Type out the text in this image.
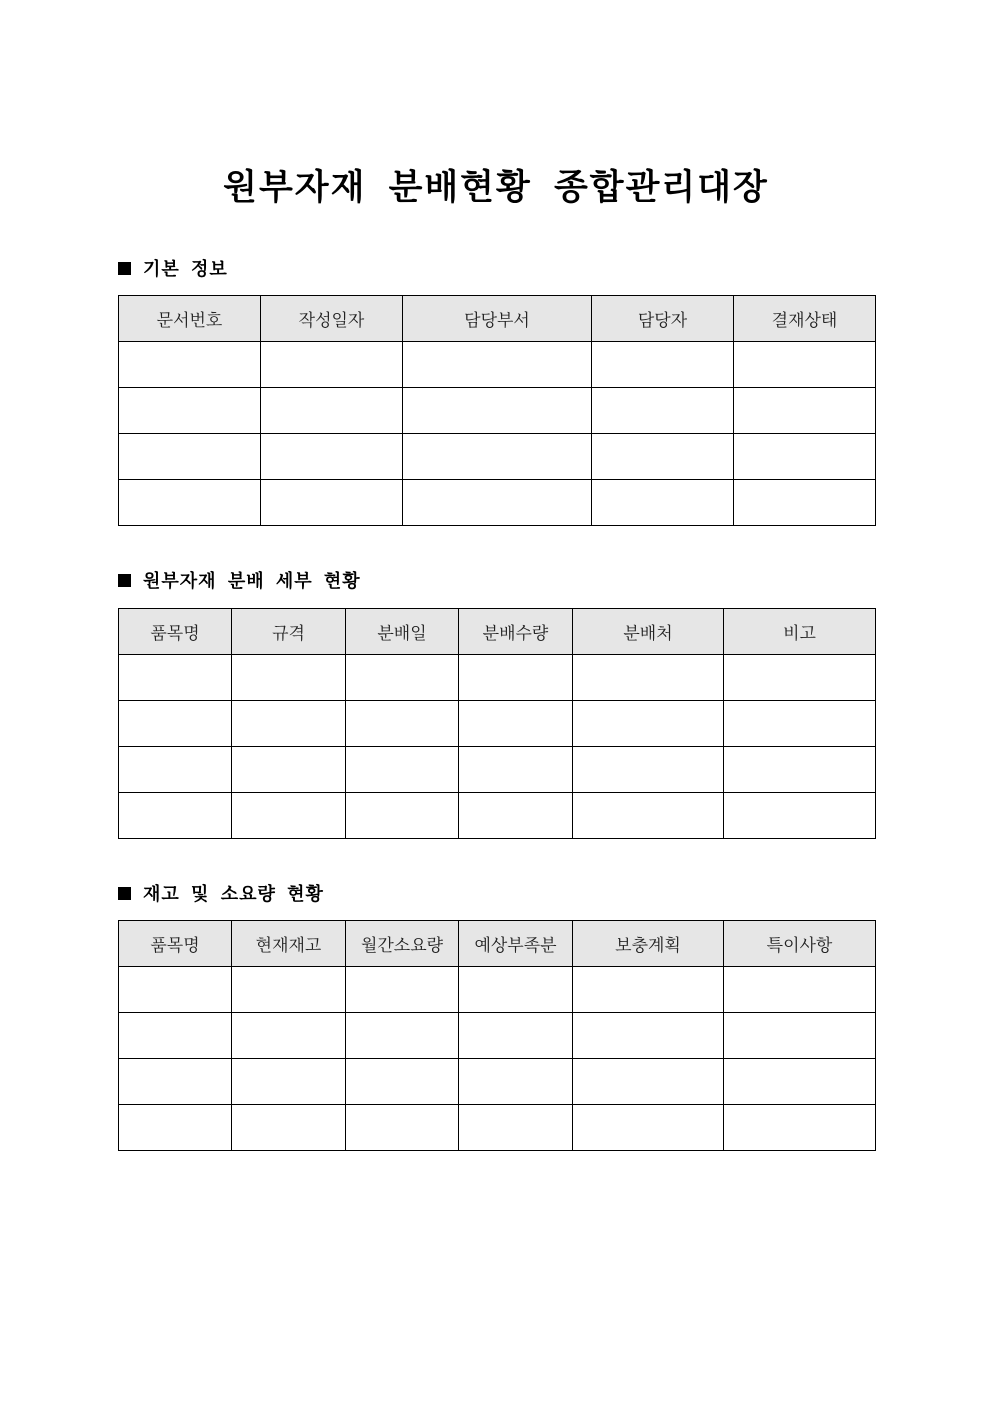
원부자재 분배현황 종합관리대장
기본 정보
문서번호	작성일자	담당부서	담당자	결재상태

원부자재 분배 세부 현황
품목명	규격	분배일	분배수량	분배처	비고

재고 및 소요량 현황
품목명	현재재고	월간소요량	예상부족분	보충계획	특이사항
